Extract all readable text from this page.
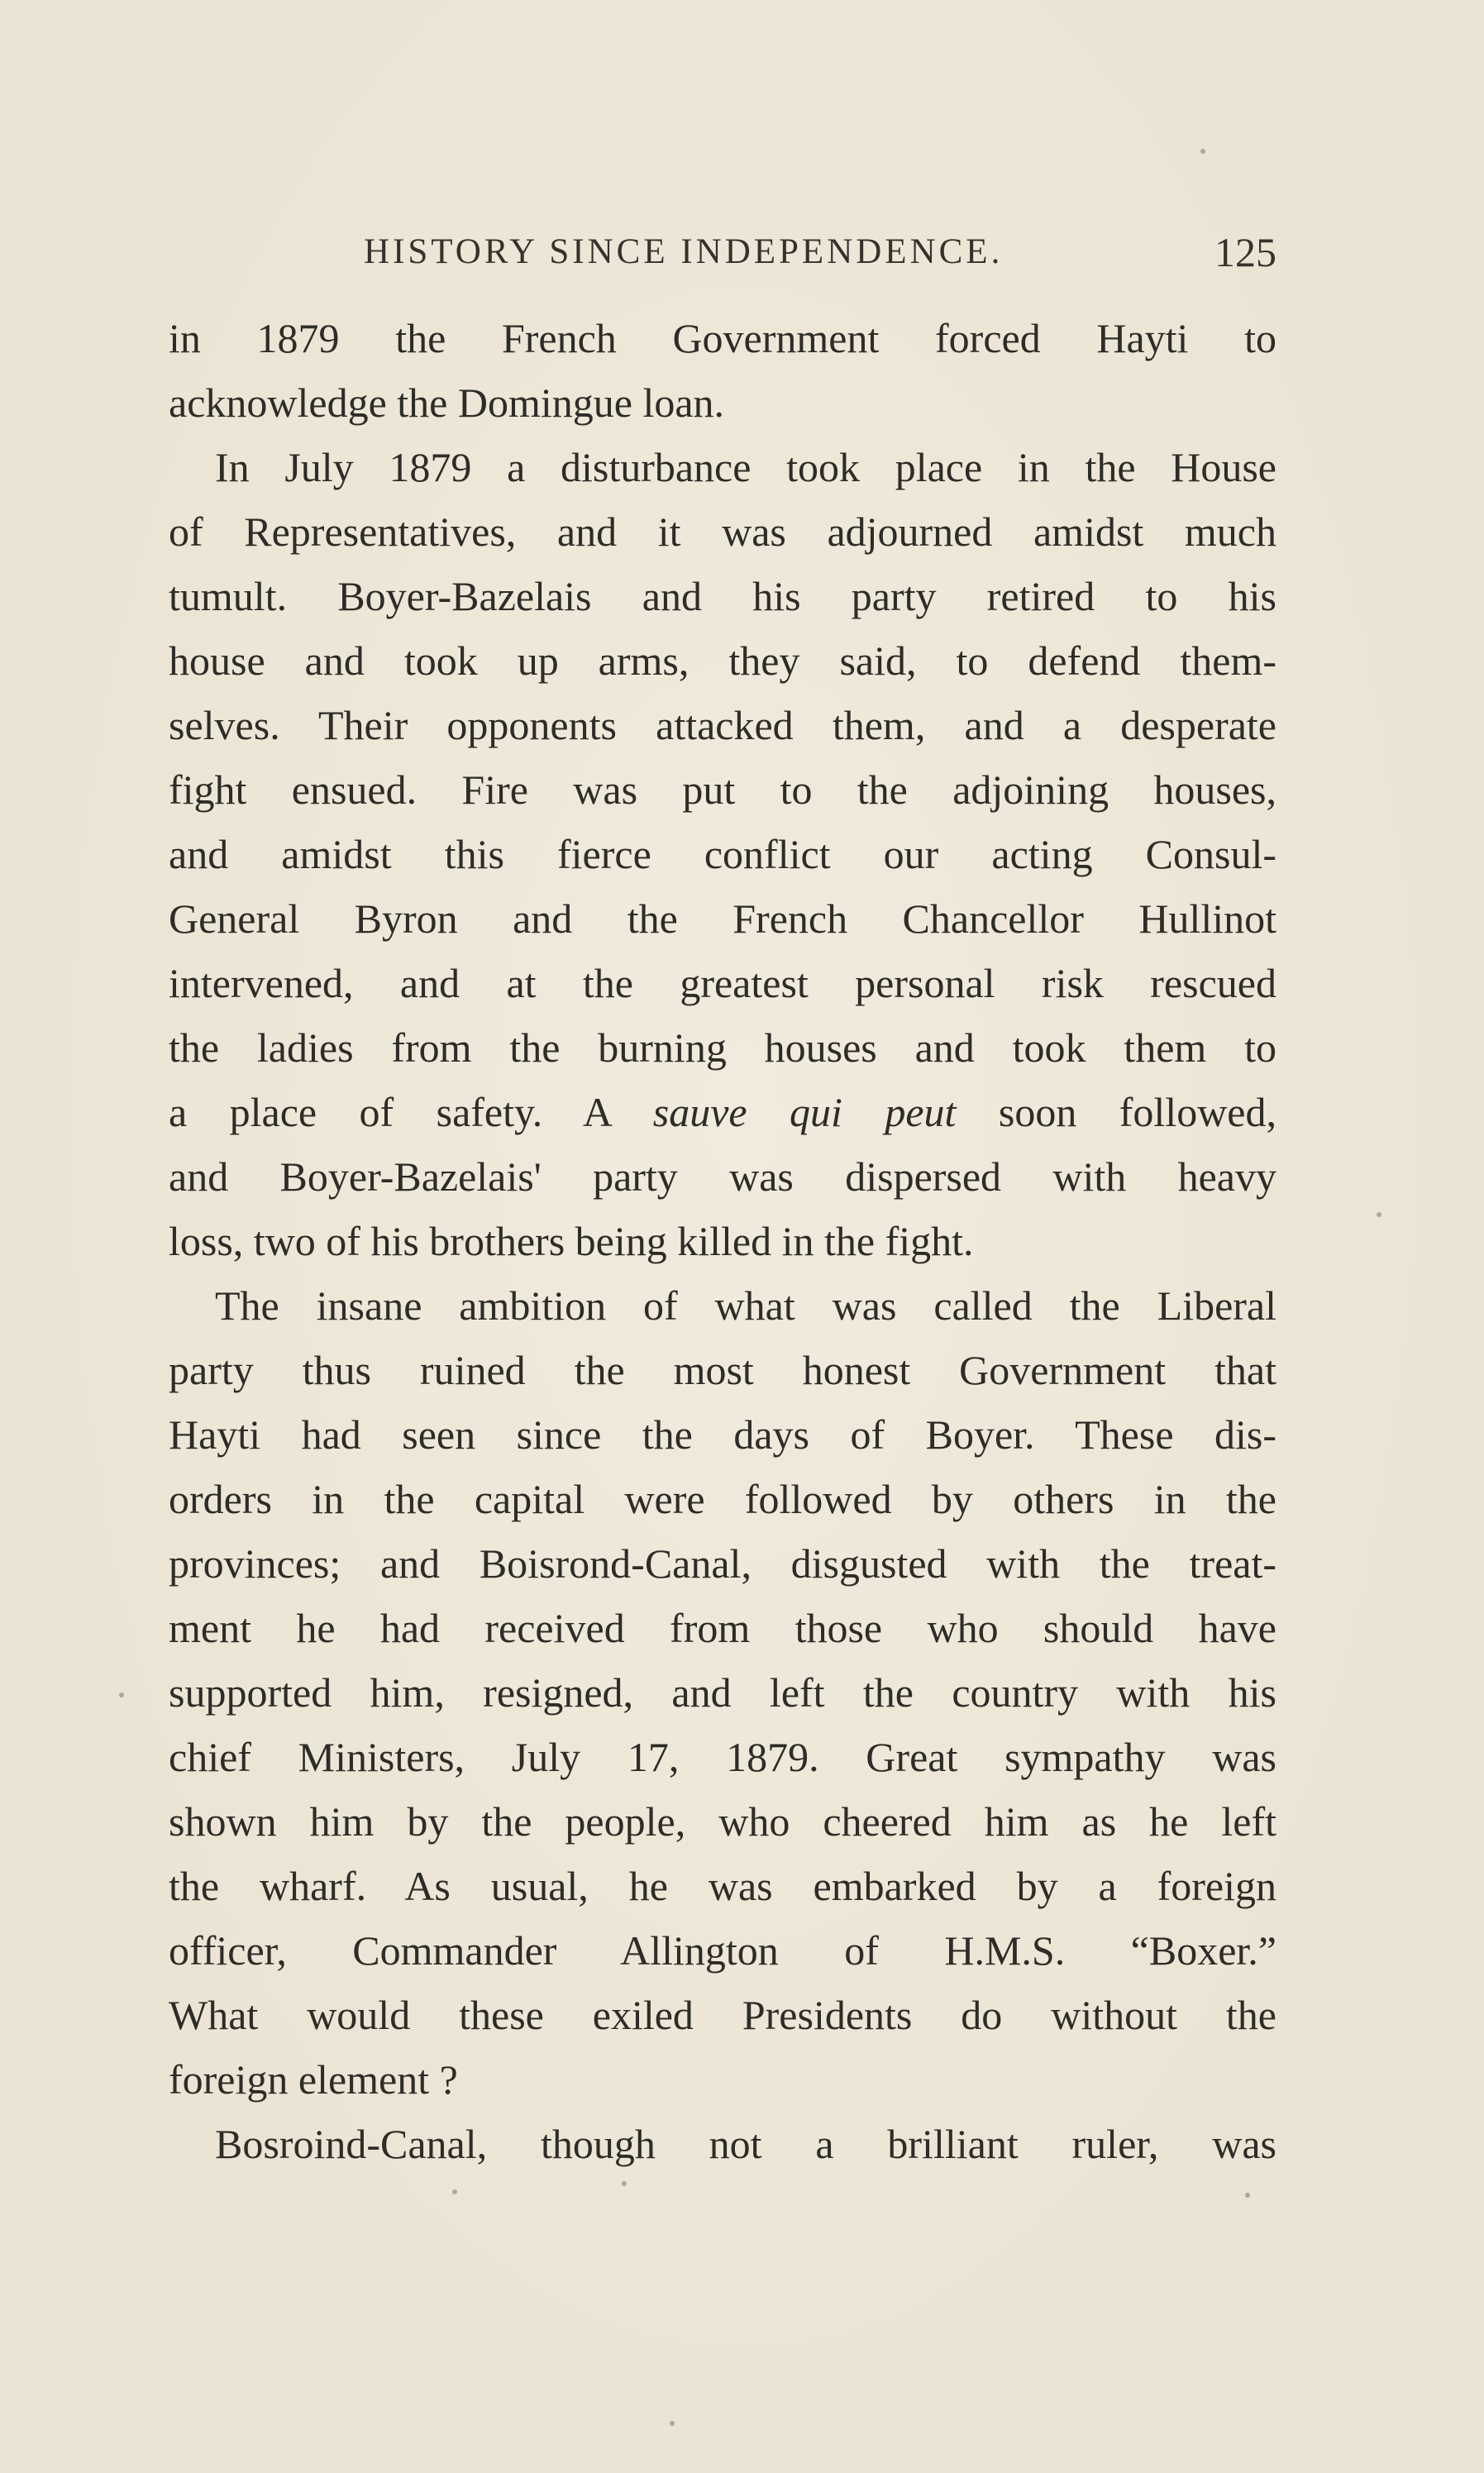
HISTORY SINCE INDEPENDENCE.	125
in 1879 the French Government forced Hayti to
acknowledge the Domingue loan.
In July 1879 a disturbance took place in the House
of Representatives, and it was adjourned amidst much
tumult. Boyer-Bazelais and his party retired to his
house and took up arms, they said, to defend them-
selves. Their opponents attacked them, and a desperate
fight ensued. Fire was put to the adjoining houses,
and amidst this fierce conflict our acting Consul-
General Byron and the French Chancellor Hullinot
intervened, and at the greatest personal risk rescued
the ladies from the burning houses and took them to
a place of safety. A sauve qui peut soon followed,
and Boyer-Bazelais' party was dispersed with heavy
loss, two of his brothers being killed in the fight.
The insane ambition of what was called the Liberal
party thus ruined the most honest Government that
Hayti had seen since the days of Boyer. These dis-
orders in the capital were followed by others in the
provinces; and Boisrond-Canal, disgusted with the treat-
ment he had received from those who should have
supported him, resigned, and left the country with his
chief Ministers, July 17, 1879. Great sympathy was
shown him by the people, who cheered him as he left
the wharf. As usual, he was embarked by a foreign
officer, Commander Allington of H.M.S. “Boxer.”
What would these exiled Presidents do without the
foreign element ?
Bosroind-Canal, though not a brilliant ruler, was
